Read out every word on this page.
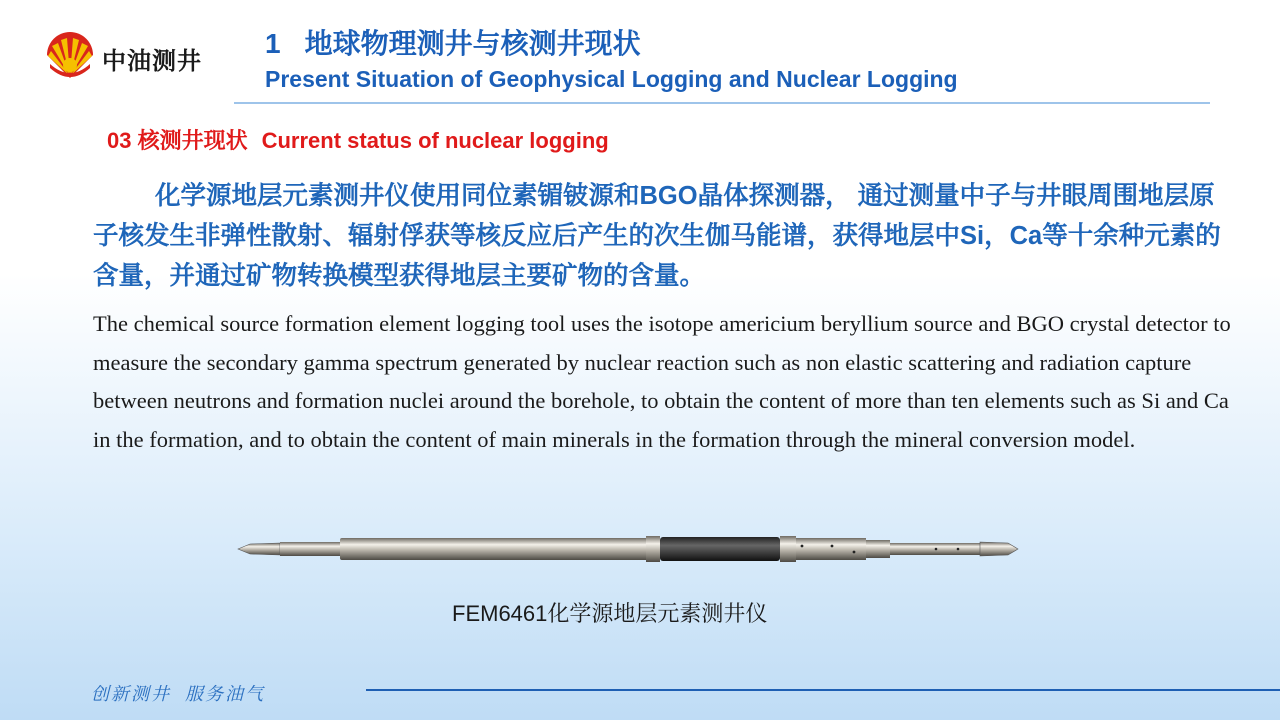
中油测井
1 地球物理测井与核测井现状
Present Situation of Geophysical Logging and Nuclear Logging
03 核测井现状 Current status of nuclear logging

化学源地层元素测井仪使用同位素镅铍源和BGO晶体探测器， 通过测量中子与井眼周围地层原子核发生非弹性散射、辐射俘获等核反应后产生的次生伽马能谱，获得地层中Si，Ca等十余种元素的含量，并通过矿物转换模型获得地层主要矿物的含量。

The chemical source formation element logging tool uses the isotope americium beryllium source and BGO crystal detector to measure the secondary gamma spectrum generated by nuclear reaction such as non elastic scattering and radiation capture between neutrons and formation nuclei around the borehole, to obtain the content of more than ten elements such as Si and Ca in the formation, and to obtain the content of main minerals in the formation through the mineral conversion model.

FEM6461化学源地层元素测井仪
创新测井 服务油气
